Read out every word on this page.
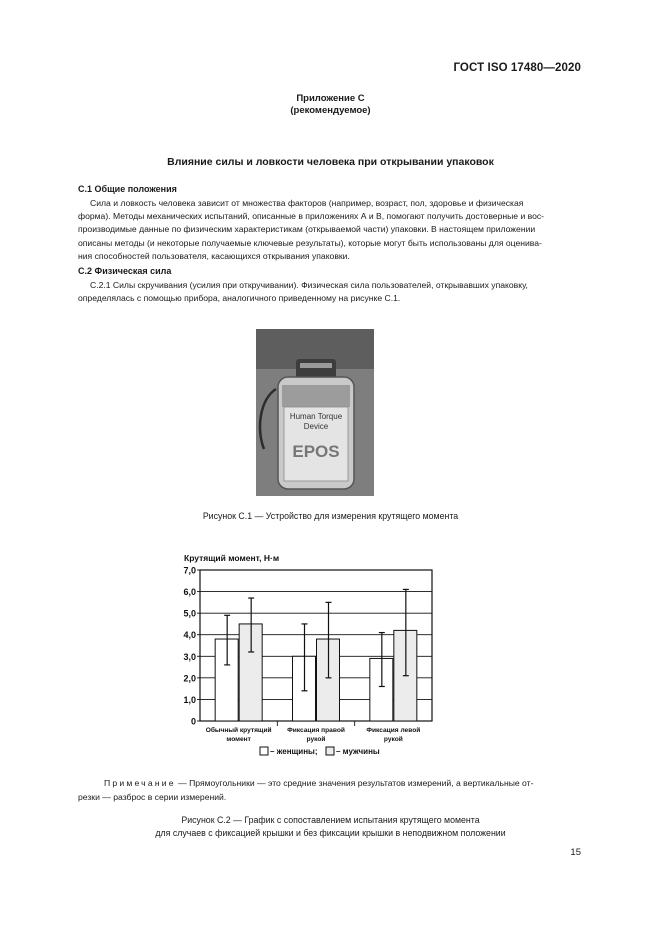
ГОСТ ISO 17480—2020
Приложение С
(рекомендуемое)
Влияние силы и ловкости человека при открывании упаковок
С.1 Общие положения
Сила и ловкость человека зависит от множества факторов (например, возраст, пол, здоровье и физическая
форма). Методы механических испытаний, описанные в приложениях А и В, помогают получить достоверные и вос-
производимые данные по физическим характеристикам (открываемой части) упаковки. В настоящем приложении
описаны методы (и некоторые получаемые ключевые результаты), которые могут быть использованы для оценива-
ния способностей пользователя, касающихся открывания упаковки.
С.2 Физическая сила
С.2.1 Силы скручивания (усилия при откручивании). Физическая сила пользователей, открывавших упаковку,
определялась с помощью прибора, аналогичного приведенному на рисунке С.1.
Human Torque
Device
EPOS
Рисунок С.1 — Устройство для измерения крутящего момента
Крутящий момент, Н·м
7,0
6,0
5,0
4,0
3,0
2,0
1,0
0
Обычный крутящий момент
Фиксация правой рукой
Фиксация левой рукой
– женщины; – мужчины
Примечание — Прямоугольники — это средние значения результатов измерений, а вертикальные от-
резки — разброс в серии измерений.
Рисунок С.2 — График с сопоставлением испытания крутящего момента
для случаев с фиксацией крышки и без фиксации крышки в неподвижном положении
15
